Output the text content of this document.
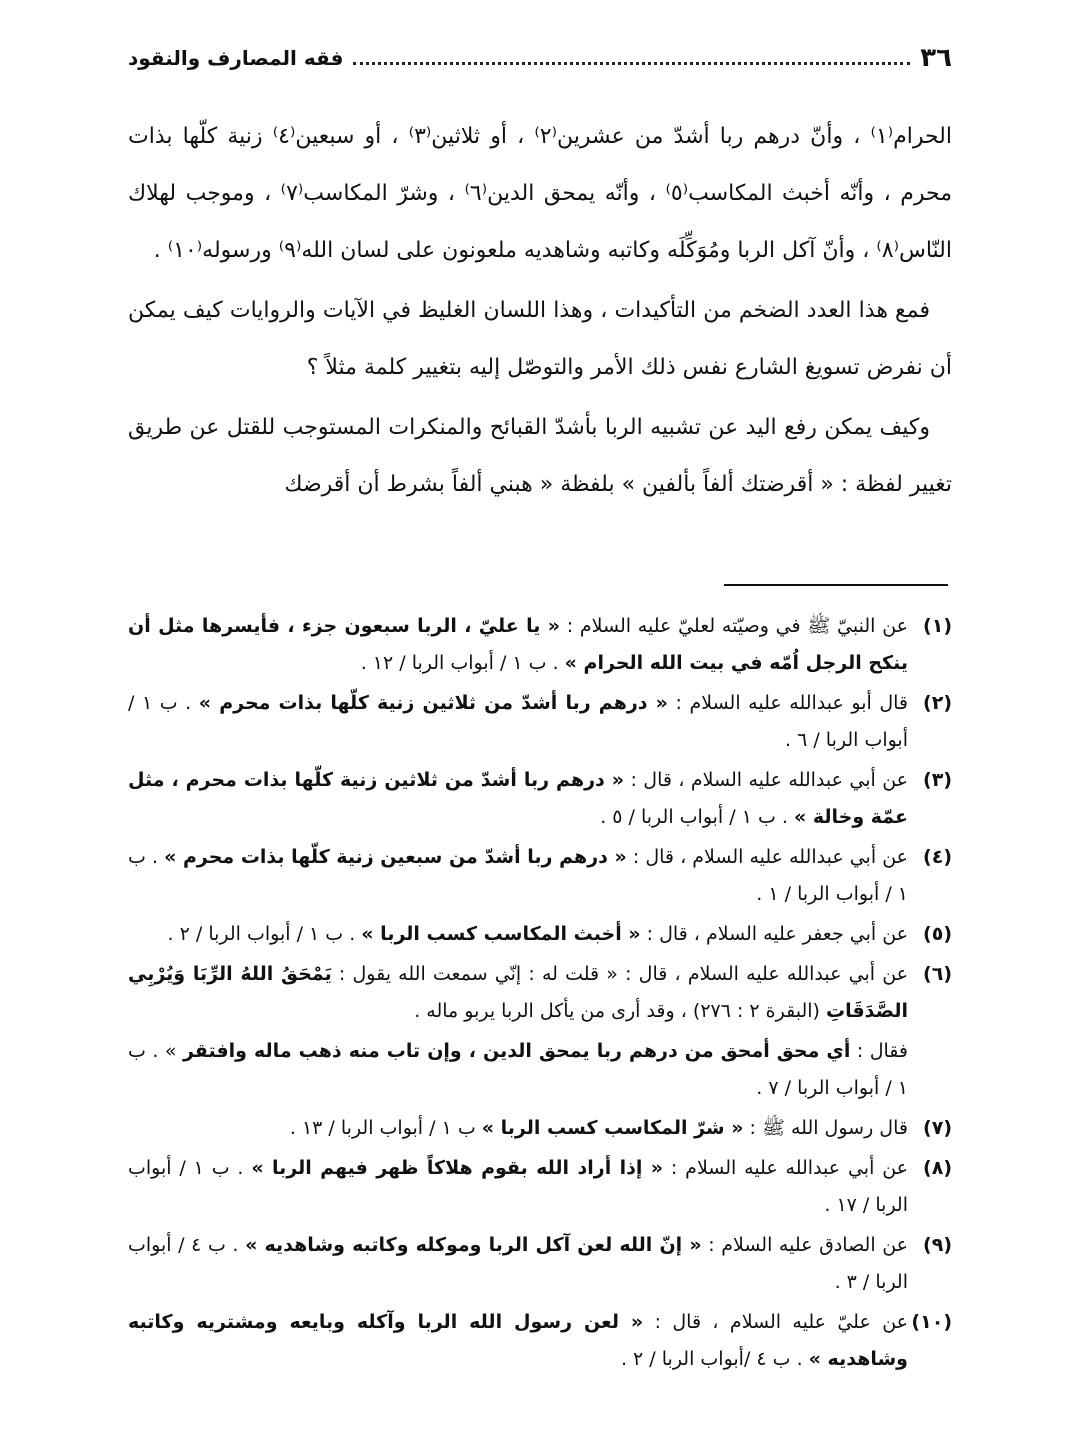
٣٦
فقه المصارف والنقود

الحرام⁽١⁾ ، وأنّ درهم ربا أشدّ من عشرين⁽٢⁾ ، أو ثلاثين⁽٣⁾ ، أو سبعين⁽٤⁾ زنية كلّها بذات محرم ، وأنّه أخبث المكاسب⁽٥⁾ ، وأنّه يمحق الدين⁽٦⁾ ، وشرّ المكاسب⁽٧⁾ ، وموجب لهلاك النّاس⁽٨⁾ ، وأنّ آكل الربا ومُوَكِّلَه وكاتبه وشاهديه ملعونون على لسان الله⁽٩⁾ ورسوله⁽١٠⁾ .

فمع هذا العدد الضخم من التأكيدات ، وهذا اللسان الغليظ في الآيات والروايات كيف يمكن أن نفرض تسويغ الشارع نفس ذلك الأمر والتوصّل إليه بتغيير كلمة مثلاً ؟

وكيف يمكن رفع اليد عن تشبيه الربا بأشدّ القبائح والمنكرات المستوجب للقتل عن طريق تغيير لفظة : « أقرضتك ألفاً بألفين » بلفظة « هبني ألفاً بشرط أن أقرضك

(١)
عن النبيّ ﷺ في وصيّته لعليّ عليه السلام : « يا عليّ ، الربا سبعون جزء ، فأيسرها مثل أن ينكح الرجل اُمّه في بيت الله الحرام » . ب ١ / أبواب الربا / ١٢ .
(٢)
قال أبو عبدالله عليه السلام : « درهم ربا أشدّ من ثلاثين زنية كلّها بذات محرم » . ب ١ /أبواب الربا / ٦ .
(٣)
عن أبي عبدالله عليه السلام ، قال : « درهم ربا أشدّ من ثلاثين زنية كلّها بذات محرم ، مثل عمّة وخالة » . ب ١ / أبواب الربا / ٥ .
(٤)
عن أبي عبدالله عليه السلام ، قال : « درهم ربا أشدّ من سبعين زنية كلّها بذات محرم » . ب ١ / أبواب الربا / ١ .
(٥)
عن أبي جعفر عليه السلام ، قال : « أخبث المكاسب كسب الربا » . ب ١ / أبواب الربا / ٢ .
(٦)
عن أبي عبدالله عليه السلام ، قال : « قلت له : إنّي سمعت الله يقول : يَمْحَقُ اللهُ الرِّبَا وَيُرْبِي الصَّدَقَاتِ (البقرة ٢ : ٢٧٦) ، وقد أرى من يأكل الربا يربو ماله .
فقال : أي محق أمحق من درهم ربا يمحق الدين ، وإن تاب منه ذهب ماله وافتقر » . ب ١ / أبواب الربا / ٧ .
(٧)
قال رسول الله ﷺ : « شرّ المكاسب كسب الربا » ب ١ / أبواب الربا / ١٣ .
(٨)
عن أبي عبدالله عليه السلام : « إذا أراد الله بقوم هلاكاً ظهر فيهم الربا » . ب ١ / أبواب الربا / ١٧ .
(٩)
عن الصادق عليه السلام : « إنّ الله لعن آكل الربا وموكله وكاتبه وشاهديه » . ب ٤ / أبواب الربا / ٣ .
(١٠)
عن عليّ عليه السلام ، قال : « لعن رسول الله الربا وآكله وبايعه ومشتريه وكاتبه وشاهديه » . ب ٤ /أبواب الربا / ٢ .
